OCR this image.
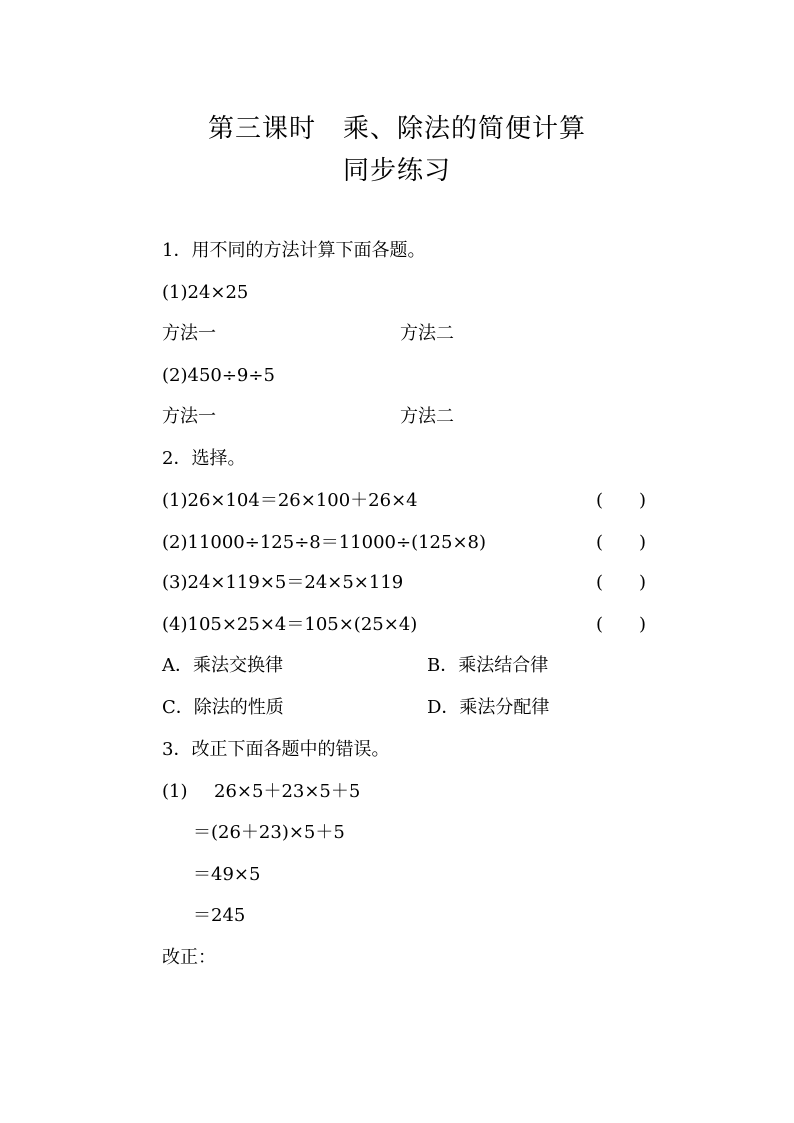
第三课时　乘、除法的简便计算
同步练习
1．用不同的方法计算下面各题。
(1)24×25
方法一	方法二
(2)450÷9÷5
方法一	方法二
2．选择。
(1)26×104＝26×100＋26×4	(　　)
(2)11000÷125÷8＝11000÷(125×8)	(　　)
(3)24×119×5＝24×5×119	(　　)
(4)105×25×4＝105×(25×4)	(　　)
A．乘法交换律	B．乘法结合律
C．除法的性质	D．乘法分配律
3．改正下面各题中的错误。
(1) 26×5＋23×5＋5
＝(26＋23)×5＋5
＝49×5
＝245
改正：
